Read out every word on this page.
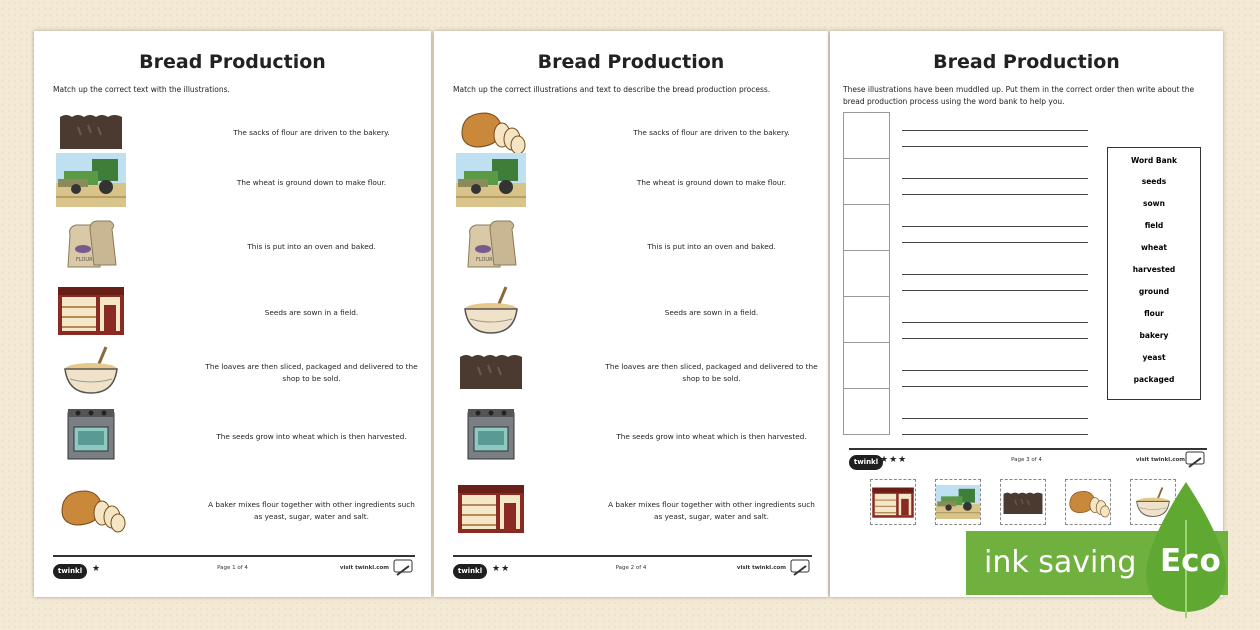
Bread Production
Match up the correct text with the illustrations.
The sacks of flour are driven to the bakery.
The wheat is ground down to make flour.
This is put into an oven and baked.
Seeds are sown in a field.
The loaves are then sliced, packaged and delivered to the shop to be sold.
The seeds grow into wheat which is then harvested.
A baker mixes flour together with other ingredients such as yeast, sugar, water and salt.
twinkl	★	Page 1 of 4	visit twinkl.com
Bread Production
Match up the correct illustrations and text to describe the bread production process.
The sacks of flour are driven to the bakery.
The wheat is ground down to make flour.
This is put into an oven and baked.
Seeds are sown in a field.
The loaves are then sliced, packaged and delivered to the shop to be sold.
The seeds grow into wheat which is then harvested.
A baker mixes flour together with other ingredients such as yeast, sugar, water and salt.
twinkl	★★	Page 2 of 4	visit twinkl.com
Bread Production
These illustrations have been muddled up. Put them in the correct order then write about the bread production process using the word bank to help you.
Word Bank
seeds
sown
field
wheat
harvested
ground
flour
bakery
yeast
packaged
twinkl ★★★	Page 3 of 4	visit twinkl.com
ink saving Eco
